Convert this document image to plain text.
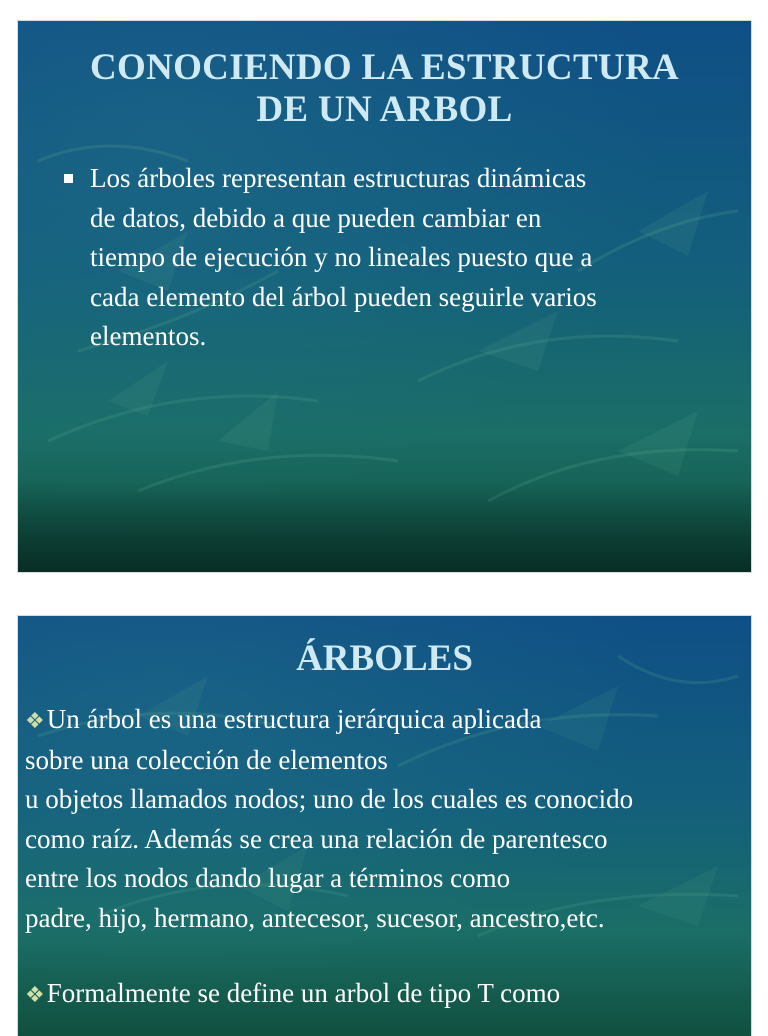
CONOCIENDO LA ESTRUCTURA
DE UN ARBOL
Los árboles representan estructuras dinámicas
de datos, debido a que pueden cambiar en
tiempo de ejecución y no lineales puesto que a
cada elemento del árbol pueden seguirle varios
elementos.
ÁRBOLES
❖Un árbol es una estructura jerárquica aplicada
sobre una colección de elementos
u objetos llamados nodos; uno de los cuales es conocido
como raíz. Además se crea una relación de parentesco
entre los nodos dando lugar a términos como
padre, hijo, hermano, antecesor, sucesor, ancestro,etc.
❖Formalmente se define un arbol de tipo T como
